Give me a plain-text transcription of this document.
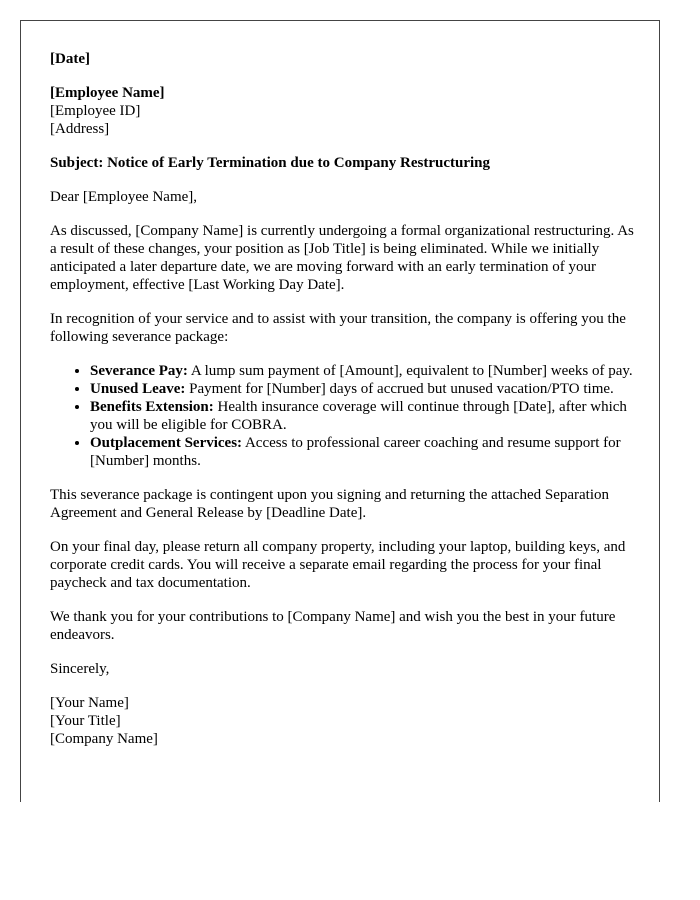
[Date]

[Employee Name]
[Employee ID]
[Address]

Subject: Notice of Early Termination due to Company Restructuring

Dear [Employee Name],

As discussed, [Company Name] is currently undergoing a formal organizational restructuring. As a result of these changes, your position as [Job Title] is being eliminated. While we initially anticipated a later departure date, we are moving forward with an early termination of your employment, effective [Last Working Day Date].

In recognition of your service and to assist with your transition, the company is offering you the following severance package:

• Severance Pay: A lump sum payment of [Amount], equivalent to [Number] weeks of pay.
• Unused Leave: Payment for [Number] days of accrued but unused vacation/PTO time.
• Benefits Extension: Health insurance coverage will continue through [Date], after which you will be eligible for COBRA.
• Outplacement Services: Access to professional career coaching and resume support for [Number] months.

This severance package is contingent upon you signing and returning the attached Separation Agreement and General Release by [Deadline Date].

On your final day, please return all company property, including your laptop, building keys, and corporate credit cards. You will receive a separate email regarding the process for your final paycheck and tax documentation.

We thank you for your contributions to [Company Name] and wish you the best in your future endeavors.

Sincerely,

[Your Name]
[Your Title]
[Company Name]
